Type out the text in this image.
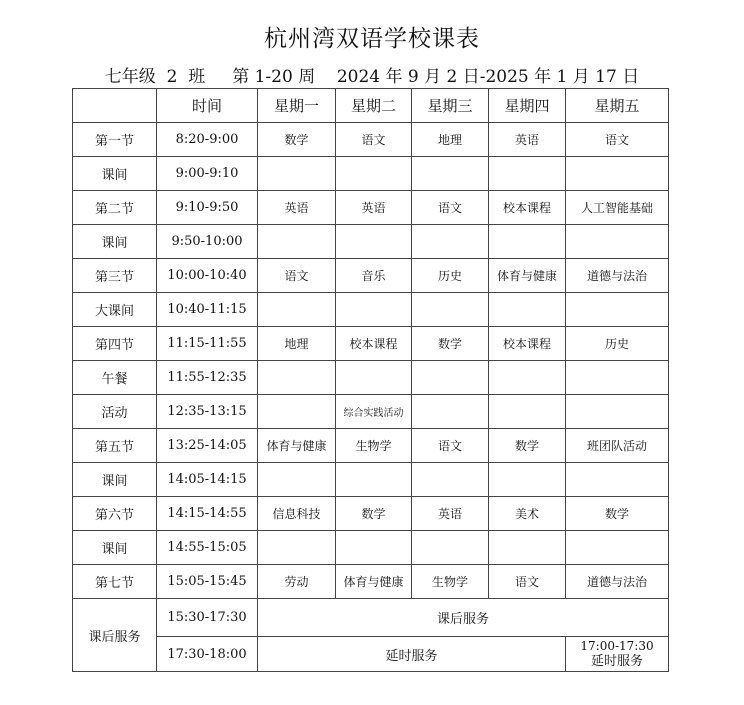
杭州湾双语学校课表
七年级  2  班     第 1-20 周    2024 年 9 月 2 日-2025 年 1 月 17 日
	时间	星期一	星期二	星期三	星期四	星期五
第一节	8:20-9:00	数学	语文	地理	英语	语文
课间	9:00-9:10					
第二节	9:10-9:50	英语	英语	语文	校本课程	人工智能基础
课间	9:50-10:00					
第三节	10:00-10:40	语文	音乐	历史	体育与健康	道德与法治
大课间	10:40-11:15					
第四节	11:15-11:55	地理	校本课程	数学	校本课程	历史
午餐	11:55-12:35					
活动	12:35-13:15		综合实践活动			
第五节	13:25-14:05	体育与健康	生物学	语文	数学	班团队活动
课间	14:05-14:15					
第六节	14:15-14:55	信息科技	数学	英语	美术	数学
课间	14:55-15:05					
第七节	15:05-15:45	劳动	体育与健康	生物学	语文	道德与法治
课后服务	15:30-17:30	课后服务				
	17:30-18:00	延时服务				17:00-17:30
延时服务
